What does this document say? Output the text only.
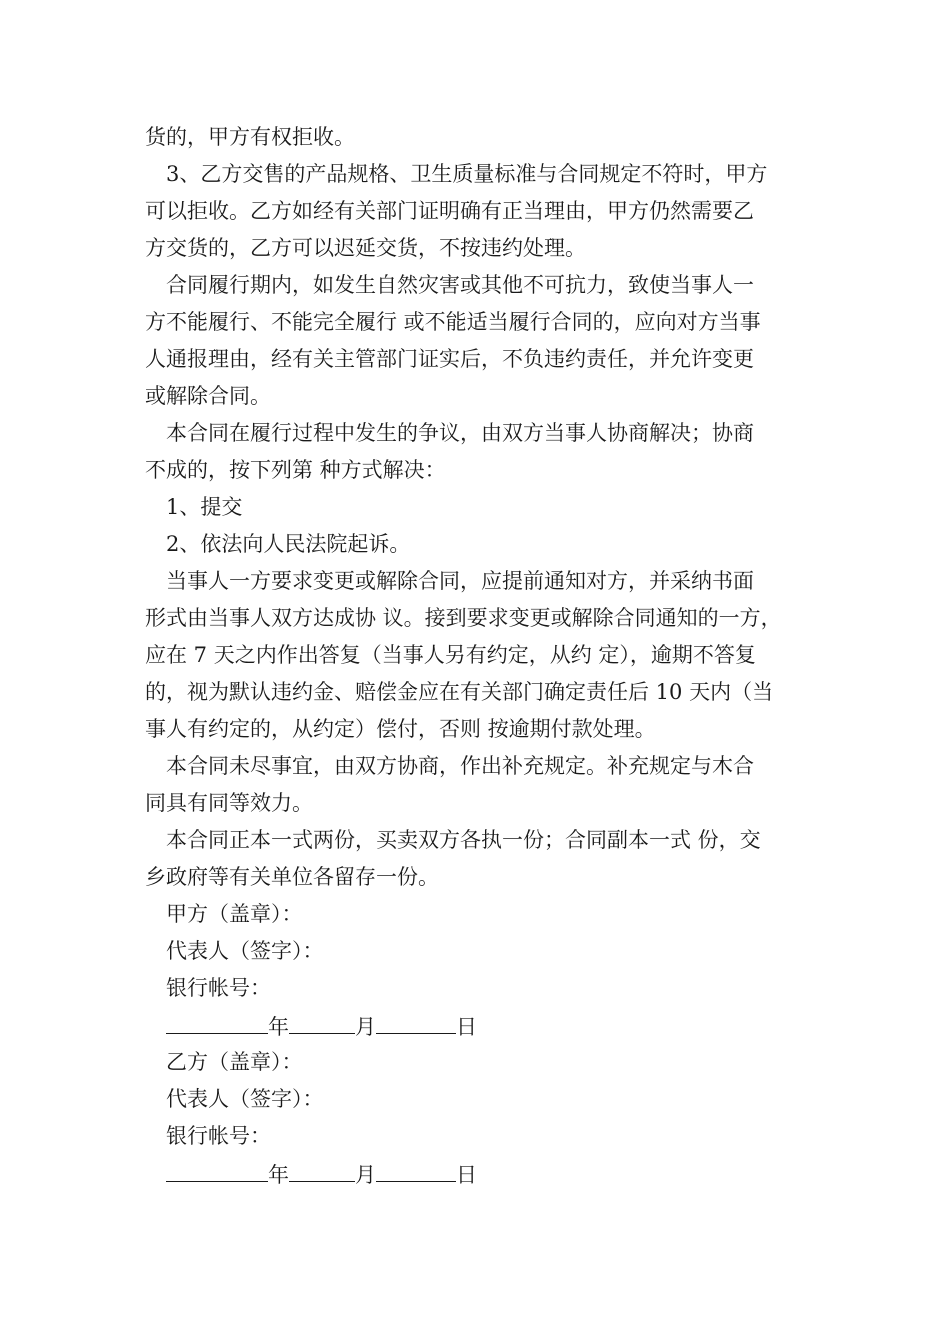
货的，甲方有权拒收。
3、乙方交售的产品规格、卫生质量标准与合同规定不符时，甲方
可以拒收。乙方如经有关部门证明确有正当理由，甲方仍然需要乙
方交货的，乙方可以迟延交货，不按违约处理。
合同履行期内，如发生自然灾害或其他不可抗力，致使当事人一
方不能履行、不能完全履行 或不能适当履行合同的，应向对方当事
人通报理由，经有关主管部门证实后，不负违约责任，并允许变更
或解除合同。
本合同在履行过程中发生的争议，由双方当事人协商解决；协商
不成的，按下列第 种方式解决：
1、提交
2、依法向人民法院起诉。
当事人一方要求变更或解除合同，应提前通知对方，并采纳书面
形式由当事人双方达成协 议。接到要求变更或解除合同通知的一方，
应在 7 天之内作出答复（当事人另有约定，从约 定），逾期不答复
的，视为默认违约金、赔偿金应在有关部门确定责任后 10 天内（当
事人有约定的，从约定）偿付，否则 按逾期付款处理。
本合同未尽事宜，由双方协商，作出补充规定。补充规定与木合
同具有同等效力。
本合同正本一式两份，买卖双方各执一份；合同副本一式 份，交
乡政府等有关单位各留存一份。
甲方（盖章）：
代表人（签字）：
银行帐号：
年	月	日
乙方（盖章）：
代表人（签字）：
银行帐号：
年	月	日
